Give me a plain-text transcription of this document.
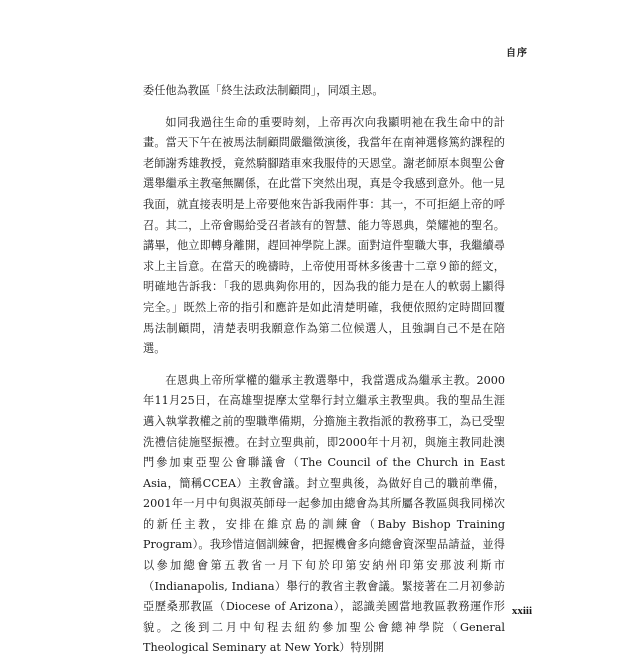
自序

委任他為教區「終生法政法制顧問」，同頌主恩。

如同我過往生命的重要時刻，上帝再次向我顯明祂在我生命中的計畫。當天下午在被馬法制顧問嚴繼徵演後，我當年在南神選修篤約課程的老師謝秀雄教授，竟然騎腳踏車來我服侍的天恩堂。謝老師原本與聖公會選舉繼承主教毫無關係，在此當下突然出現，真是令我感到意外。他一見我面，就直接表明是上帝要他來告訴我兩件事：其一，不可拒絕上帝的呼召。其二，上帝會賜給受召者該有的智慧、能力等恩典，榮耀祂的聖名。講畢，他立即轉身離開，趕回神學院上課。面對這件聖職大事，我繼續尋求上主旨意。在當天的晚禱時，上帝使用哥林多後書十二章９節的經文，明確地告訴我：「我的恩典夠你用的，因為我的能力是在人的軟弱上顯得完全。」既然上帝的指引和應許是如此清楚明確，我便依照約定時間回覆馬法制顧問，清楚表明我願意作為第二位候選人，且強調自己不是在陪選。

在恩典上帝所掌權的繼承主教選舉中，我當選成為繼承主教。2000年11月25日，在高雄聖提摩太堂舉行封立繼承主教聖典。我的聖品生涯邁入執掌教權之前的聖職準備期，分擔施主教指派的教務事工，為已受聖洗禮信徒施堅振禮。在封立聖典前，即2000年十月初，與施主教同赴澳門參加東亞聖公會聯議會（The Council of the Church in East Asia，簡稱CCEA）主教會議。封立聖典後，為做好自己的職前準備，2001年一月中旬與淑英師母一起參加由總會為其所屬各教區與我同梯次的新任主教，安排在維京島的訓練會（Baby Bishop Training Program）。我珍惜這個訓練會，把握機會多向總會資深聖品請益，並得以參加總會第五教省一月下旬於印第安納州印第安那波利斯市（Indianapolis, Indiana）舉行的教省主教會議。緊接著在二月初參訪亞歷桑那教區（Diocese of Arizona），認識美國當地教區教務運作形貌。之後到二月中旬程去紐約參加聖公會總神學院（General Theological Seminary at New York）特別開

xxiii
